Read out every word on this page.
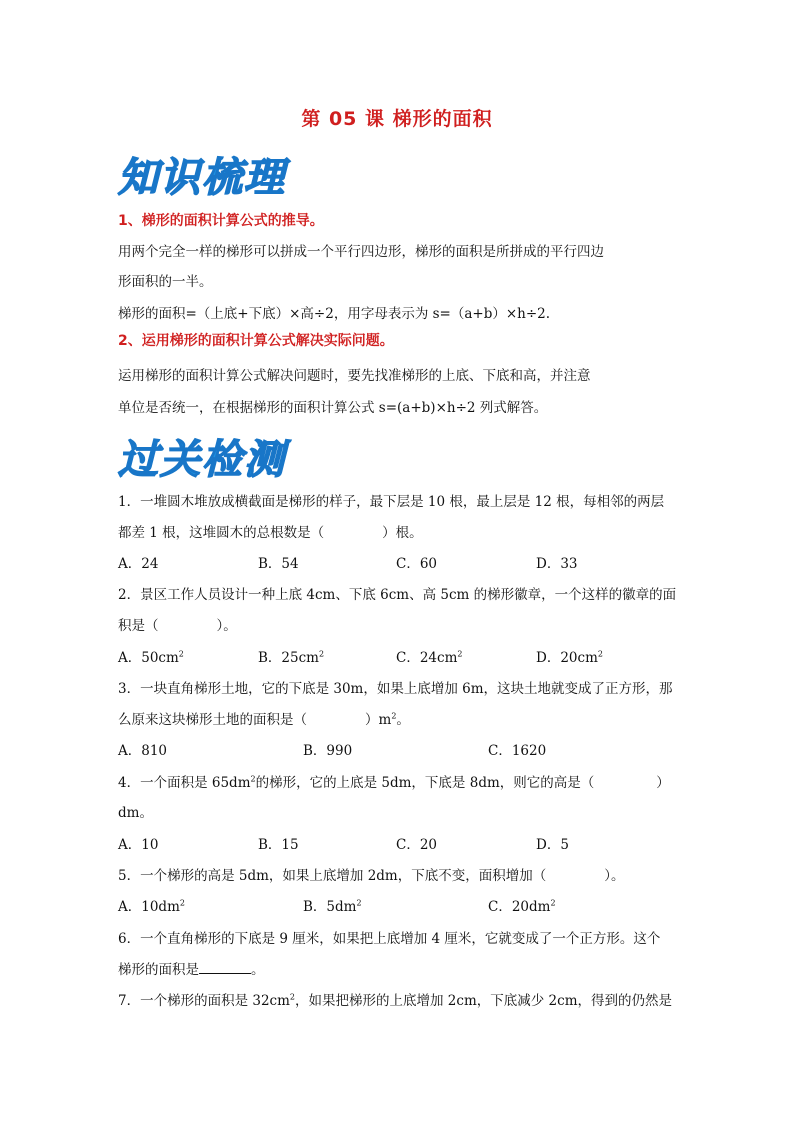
第 05 课 梯形的面积
知识梳理
1、梯形的面积计算公式的推导。
用两个完全一样的梯形可以拼成一个平行四边形，梯形的面积是所拼成的平行四边
形面积的一半。
梯形的面积=（上底+下底）×高÷2，用字母表示为 s=（a+b）×h÷2.
2、运用梯形的面积计算公式解决实际问题。
运用梯形的面积计算公式解决问题时，要先找准梯形的上底、下底和高，并注意
单位是否统一，在根据梯形的面积计算公式 s=(a+b)×h÷2 列式解答。
过关检测
1．一堆圆木堆放成横截面是梯形的样子，最下层是 10 根，最上层是 12 根，每相邻的两层
都差 1 根，这堆圆木的总根数是（	）根。
A．24	B．54	C．60	D．33
2．景区工作人员设计一种上底 4cm、下底 6cm、高 5cm 的梯形徽章，一个这样的徽章的面
积是（	）。
A．$50cm^2$	B．$25cm^2$	C．$24cm^2$	D．$20cm^2$
3．一块直角梯形土地，它的下底是 30m，如果上底增加 6m，这块土地就变成了正方形，那
么原来这块梯形土地的面积是（	）$m^2$。
A．810	B．990	C．1620
4．一个面积是 $65dm^2$的梯形，它的上底是 5dm，下底是 8dm，则它的高是（	）
dm。
A．10	B．15	C．20	D．5
5．一个梯形的高是 5dm，如果上底增加 2dm，下底不变，面积增加（	）。
A．$10dm^2$	B．$5dm^2$	C．$20dm^2$
6．一个直角梯形的下底是 9 厘米，如果把上底增加 4 厘米，它就变成了一个正方形。这个
梯形的面积是	。
7．一个梯形的面积是 $32cm^2$，如果把梯形的上底增加 2cm，下底减少 2cm，得到的仍然是
